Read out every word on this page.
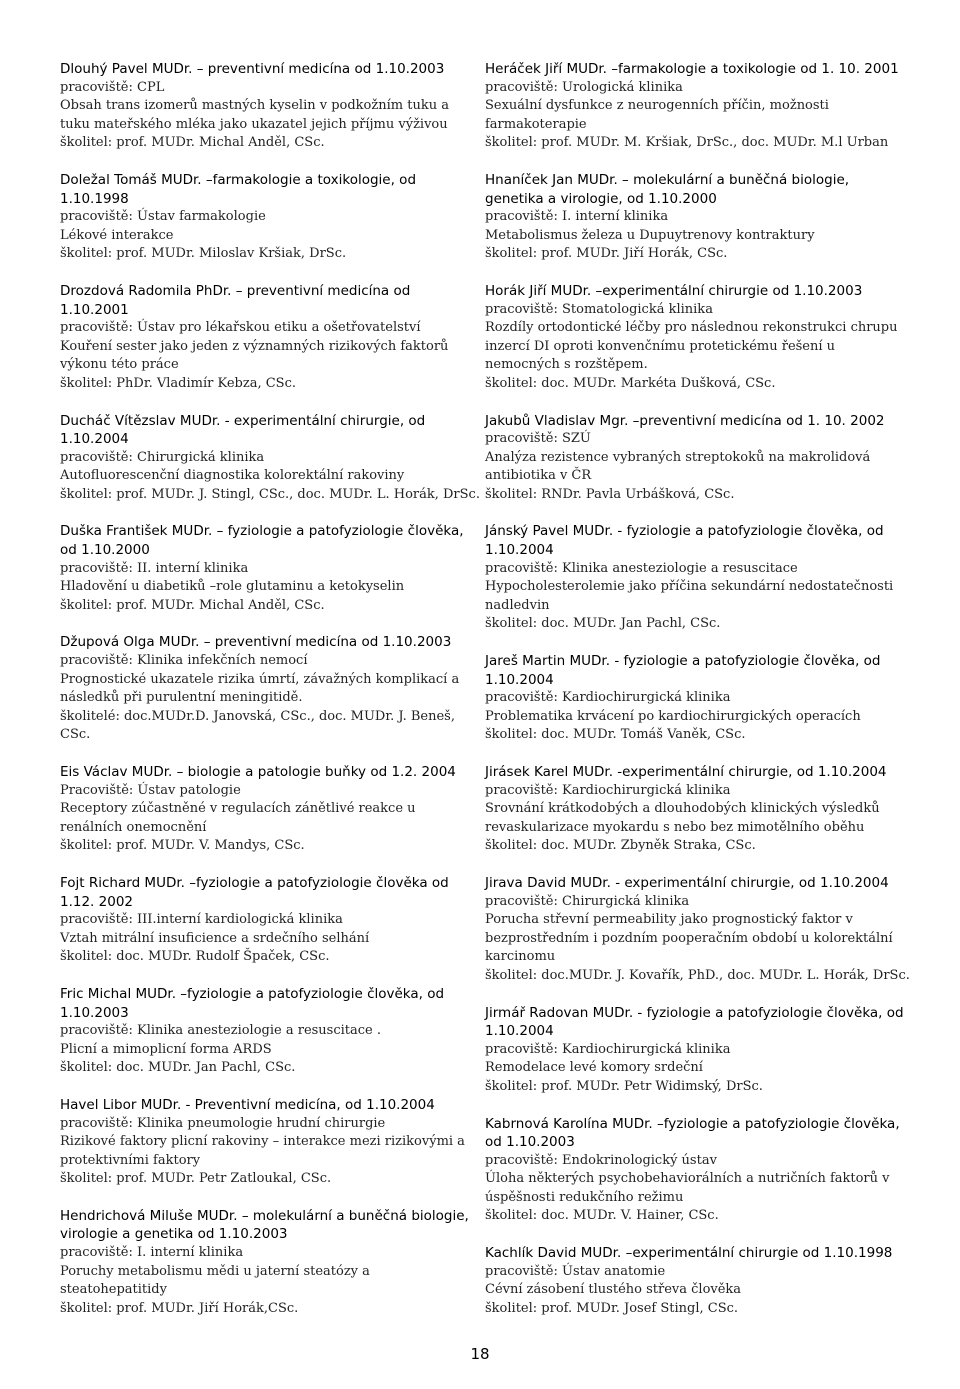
Dlouhý Pavel MUDr. – preventivní medicína od 1.10.2003
pracoviště: CPL
Obsah trans izomerů mastných kyselin v podkožním tuku a tuku mateřského mléka jako ukazatel jejich příjmu výživou
školitel: prof. MUDr. Michal Anděl, CSc.
Doležal Tomáš MUDr. –farmakologie a toxikologie, od 1.10.1998
pracoviště: Ústav farmakologie
Lékové interakce
školitel: prof. MUDr. Miloslav Kršiak, DrSc.
Drozdová Radomila PhDr. – preventivní medicína od 1.10.2001
pracoviště: Ústav pro lékařskou etiku a ošetřovatelství
Kouření sester jako jeden z významných rizikových faktorů výkonu této práce
školitel: PhDr. Vladimír Kebza, CSc.
Ducháč Vítězslav MUDr. - experimentální chirurgie, od 1.10.2004
pracoviště: Chirurgická klinika
Autofluorescenční diagnostika kolorektální rakoviny
školitel: prof. MUDr. J. Stingl, CSc., doc. MUDr. L. Horák, DrSc.
Duška František MUDr. – fyziologie a patofyziologie člověka, od 1.10.2000
pracoviště: II. interní klinika
Hladovění u diabetiků –role glutaminu a ketokyselin
školitel: prof. MUDr. Michal Anděl, CSc.
Džupová Olga MUDr. – preventivní medicína od 1.10.2003
pracoviště: Klinika infekčních nemocí
Prognostické ukazatele rizika úmrtí, závažných komplikací a následků při purulentní meningitidě.
školitelé: doc.MUDr.D. Janovská, CSc., doc. MUDr. J. Beneš, CSc.
Eis Václav MUDr. – biologie a patologie buňky od 1.2. 2004
Pracoviště: Ústav patologie
Receptory zúčastněné v regulacích zánětlivé reakce u renálních onemocnění
školitel: prof. MUDr. V. Mandys, CSc.
Fojt Richard MUDr. –fyziologie a patofyziologie člověka od 1.12. 2002
pracoviště: III.interní kardiologická klinika
Vztah mitrální insuficience a srdečního selhání
školitel: doc. MUDr. Rudolf Špaček, CSc.
Fric Michal MUDr. –fyziologie a patofyziologie člověka, od 1.10.2003
pracoviště: Klinika anesteziologie a resuscitace .
Plicní a mimoplicní forma ARDS
školitel: doc. MUDr. Jan Pachl, CSc.
Havel Libor MUDr. - Preventivní medicína, od 1.10.2004
pracoviště: Klinika pneumologie hrudní chirurgie
Rizikové faktory plicní rakoviny – interakce mezi rizikovými a protektivními faktory
školitel: prof. MUDr. Petr Zatloukal, CSc.
Hendrichová Miluše MUDr. – molekulární a buněčná biologie, virologie a genetika od 1.10.2003
pracoviště: I. interní klinika
Poruchy metabolismu mědi u jaterní steatózy a steatohepatitidy
školitel: prof. MUDr. Jiří Horák,CSc.
Heráček Jiří MUDr. –farmakologie a toxikologie od 1. 10. 2001
pracoviště: Urologická klinika
Sexuální dysfunkce z neurogenních příčin, možnosti farmakoterapie
školitel: prof. MUDr. M. Kršiak, DrSc., doc. MUDr. M.l Urban
Hnaníček Jan MUDr. – molekulární a buněčná biologie, genetika a virologie, od 1.10.2000
pracoviště: I. interní klinika
Metabolismus železa u Dupuytrenovy kontraktury
školitel: prof. MUDr. Jiří Horák, CSc.
Horák Jiří MUDr. –experimentální chirurgie od 1.10.2003
pracoviště: Stomatologická klinika
Rozdíly ortodontické léčby pro následnou rekonstrukci chrupu inzercí DI oproti konvenčnímu protetickému řešení u nemocných s rozštěpem.
školitel: doc. MUDr. Markéta Dušková, CSc.
Jakubů Vladislav Mgr. –preventivní medicína od 1. 10. 2002
pracoviště: SZÚ
Analýza rezistence vybraných streptokoků na makrolidová antibiotika v ČR
školitel: RNDr. Pavla Urbášková, CSc.
Jánský Pavel MUDr. - fyziologie a patofyziologie člověka, od 1.10.2004
pracoviště: Klinika anesteziologie a resuscitace
Hypocholesterolemie jako příčina sekundární nedostatečnosti nadledvin
školitel: doc. MUDr. Jan Pachl, CSc.
Jareš Martin MUDr. - fyziologie a patofyziologie člověka, od 1.10.2004
pracoviště: Kardiochirurgická klinika
Problematika krvácení po kardiochirurgických operacích
školitel: doc. MUDr. Tomáš Vaněk, CSc.
Jirásek Karel MUDr. -experimentální chirurgie, od 1.10.2004
pracoviště: Kardiochirurgická klinika
Srovnání krátkodobých a dlouhodobých klinických výsledků revaskularizace myokardu s nebo bez mimotělního oběhu
školitel: doc. MUDr. Zbyněk Straka, CSc.
Jirava David MUDr. - experimentální chirurgie, od 1.10.2004
pracoviště: Chirurgická klinika
Porucha střevní permeability jako prognostický faktor v bezprostředním i pozdním pooperačním období u kolorektální karcinomu
školitel: doc.MUDr. J. Kovařík, PhD., doc. MUDr. L. Horák, DrSc.
Jirmář Radovan MUDr. - fyziologie a patofyziologie člověka, od 1.10.2004
pracoviště: Kardiochirurgická klinika
Remodelace levé komory srdeční
školitel: prof. MUDr. Petr Widimský, DrSc.
Kabrnová Karolína MUDr. –fyziologie a patofyziologie člověka, od 1.10.2003
pracoviště: Endokrinologický ústav
Úloha některých psychobehaviorálních a nutričních faktorů v úspěšnosti redukčního režimu
školitel: doc. MUDr. V. Hainer, CSc.
Kachlík David MUDr. –experimentální chirurgie od 1.10.1998
pracoviště: Ústav anatomie
Cévní zásobení tlustého střeva člověka
školitel: prof. MUDr. Josef Stingl, CSc.
18
